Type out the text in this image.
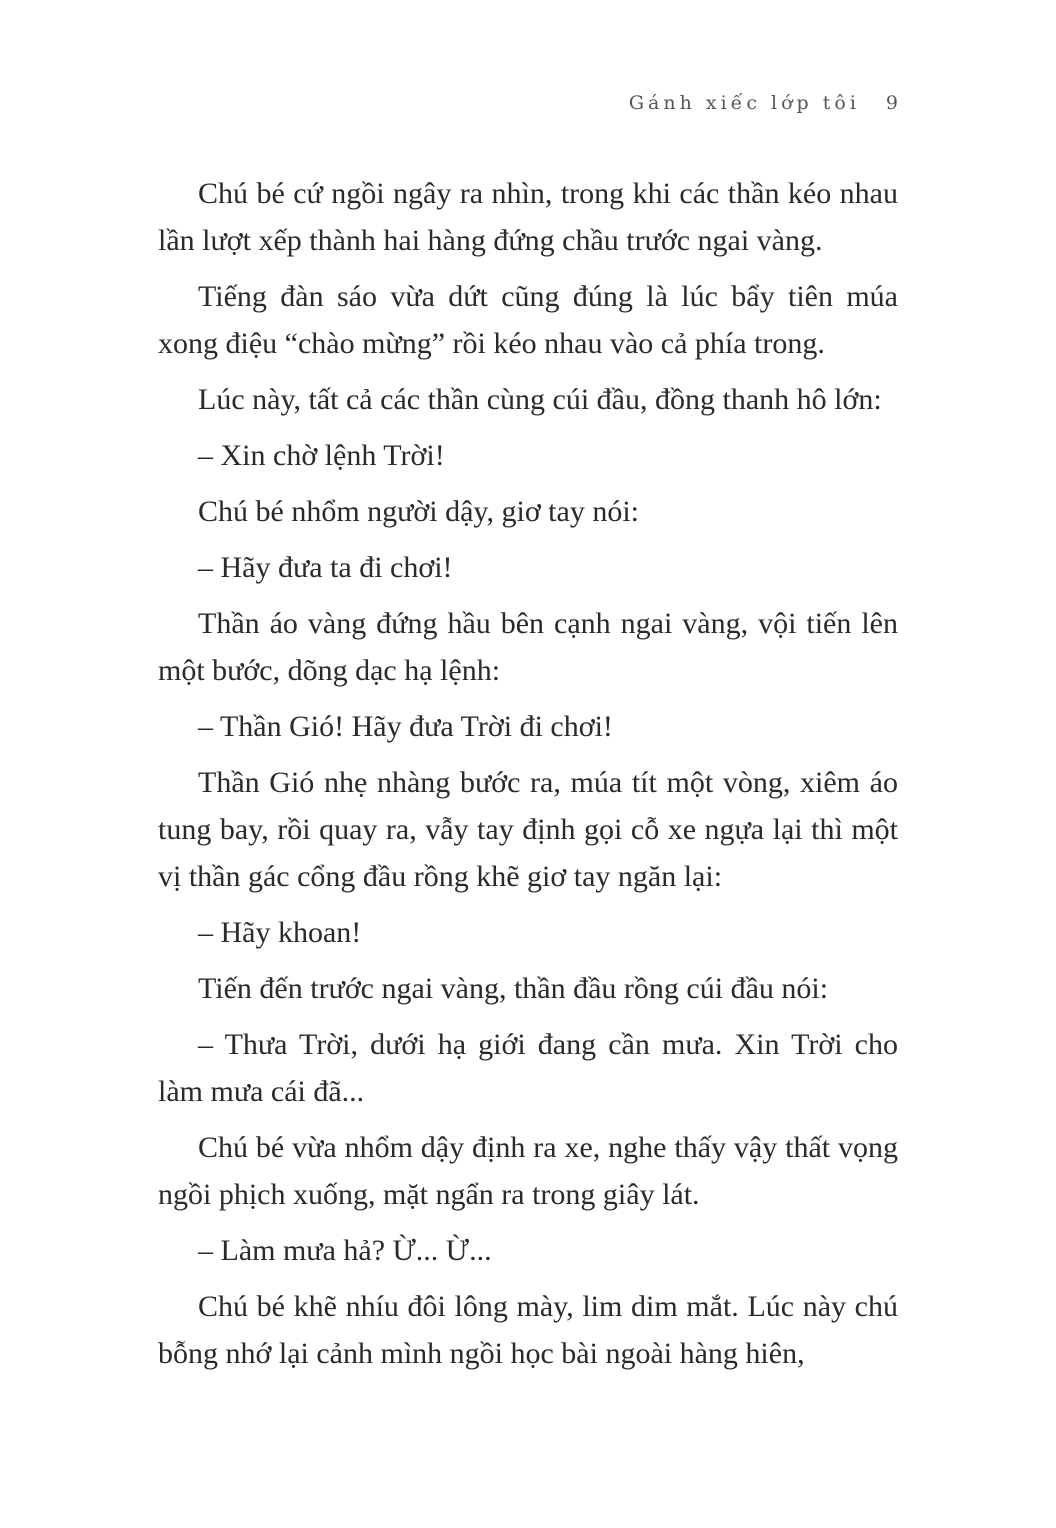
Gánh xiếc lớp tôi 9

Chú bé cứ ngồi ngây ra nhìn, trong khi các thần kéo nhau lần lượt xếp thành hai hàng đứng chầu trước ngai vàng.

Tiếng đàn sáo vừa dứt cũng đúng là lúc bẩy tiên múa xong điệu “chào mừng” rồi kéo nhau vào cả phía trong.

Lúc này, tất cả các thần cùng cúi đầu, đồng thanh hô lớn:

– Xin chờ lệnh Trời!

Chú bé nhổm người dậy, giơ tay nói:

– Hãy đưa ta đi chơi!

Thần áo vàng đứng hầu bên cạnh ngai vàng, vội tiến lên một bước, dõng dạc hạ lệnh:

– Thần Gió! Hãy đưa Trời đi chơi!

Thần Gió nhẹ nhàng bước ra, múa tít một vòng, xiêm áo tung bay, rồi quay ra, vẫy tay định gọi cỗ xe ngựa lại thì một vị thần gác cổng đầu rồng khẽ giơ tay ngăn lại:

– Hãy khoan!

Tiến đến trước ngai vàng, thần đầu rồng cúi đầu nói:

– Thưa Trời, dưới hạ giới đang cần mưa. Xin Trời cho làm mưa cái đã...

Chú bé vừa nhổm dậy định ra xe, nghe thấy vậy thất vọng ngồi phịch xuống, mặt ngẩn ra trong giây lát.

– Làm mưa hả? Ừ... Ừ...

Chú bé khẽ nhíu đôi lông mày, lim dim mắt. Lúc này chú bỗng nhớ lại cảnh mình ngồi học bài ngoài hàng hiên,
